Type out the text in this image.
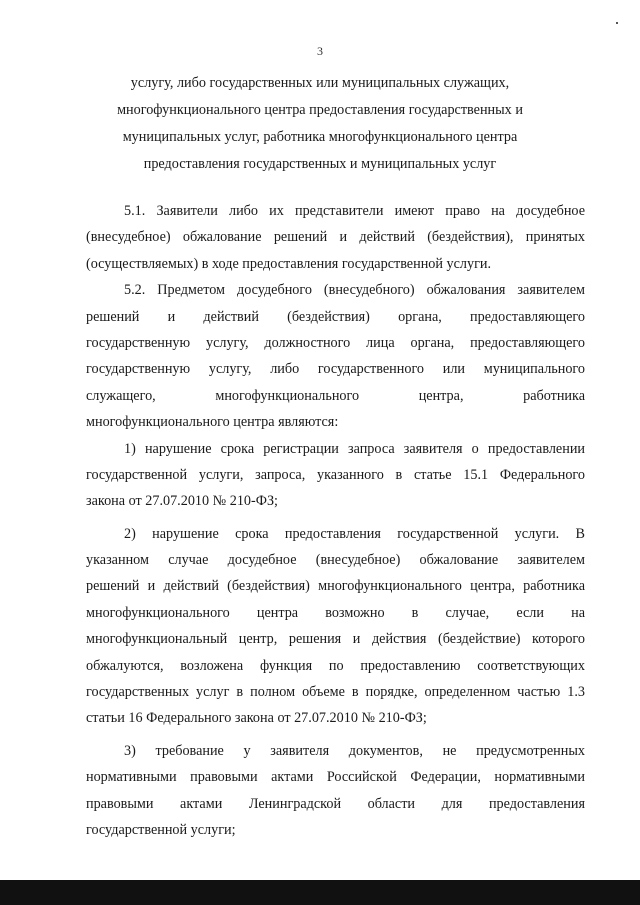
3
услугу, либо государственных или муниципальных служащих,
многофункционального центра предоставления государственных и
муниципальных услуг, работника многофункционального центра
предоставления государственных и муниципальных услуг
5.1. Заявители либо их представители имеют право на досудебное
(внесудебное) обжалование решений и действий (бездействия), принятых
(осуществляемых) в ходе предоставления государственной услуги.
5.2. Предметом досудебного (внесудебного) обжалования заявителем
решений и действий (бездействия) органа, предоставляющего
государственную услугу, должностного лица органа, предоставляющего
государственную услугу, либо государственного или муниципального
служащего, многофункционального центра, работника
многофункционального центра являются:
1) нарушение срока регистрации запроса заявителя о предоставлении
государственной услуги, запроса, указанного в статье 15.1 Федерального
закона от 27.07.2010 № 210-ФЗ;
2) нарушение срока предоставления государственной услуги. В
указанном случае досудебное (внесудебное) обжалование заявителем
решений и действий (бездействия) многофункционального центра, работника
многофункционального центра возможно в случае, если на
многофункциональный центр, решения и действия (бездействие) которого
обжалуются, возложена функция по предоставлению соответствующих
государственных услуг в полном объеме в порядке, определенном частью 1.3
статьи 16 Федерального закона от 27.07.2010 № 210-ФЗ;
3) требование у заявителя документов, не предусмотренных
нормативными правовыми актами Российской Федерации, нормативными
правовыми актами Ленинградской области для предоставления
государственной услуги;
